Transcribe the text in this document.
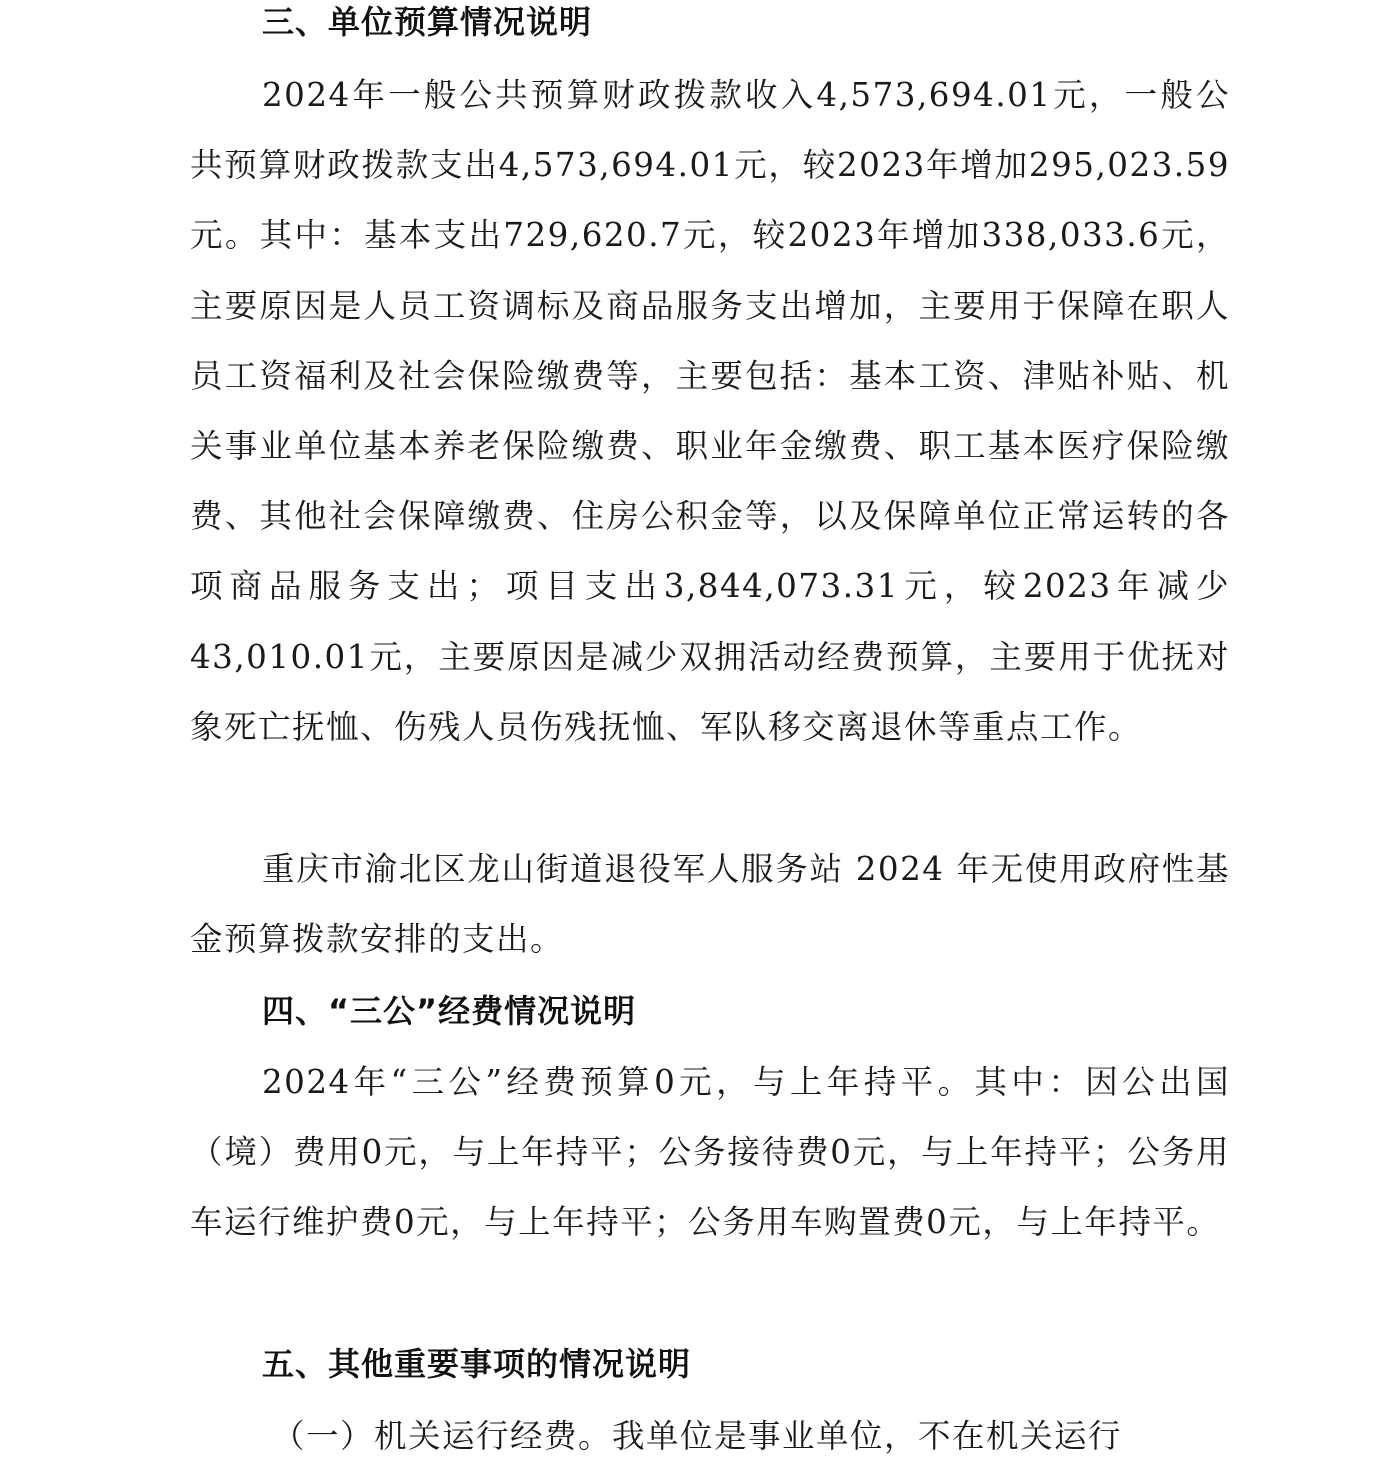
三、单位预算情况说明

2024年一般公共预算财政拨款收入4,573,694.01元，一般公共预算财政拨款支出4,573,694.01元，较2023年增加295,023.59元。其中：基本支出729,620.7元，较2023年增加338,033.6元，主要原因是人员工资调标及商品服务支出增加，主要用于保障在职人员工资福利及社会保险缴费等，主要包括：基本工资、津贴补贴、机关事业单位基本养老保险缴费、职业年金缴费、职工基本医疗保险缴费、其他社会保障缴费、住房公积金等，以及保障单位正常运转的各项商品服务支出；项目支出3,844,073.31元，较2023年减少43,010.01元，主要原因是减少双拥活动经费预算，主要用于优抚对象死亡抚恤、伤残人员伤残抚恤、军队移交离退休等重点工作。

重庆市渝北区龙山街道退役军人服务站 2024 年无使用政府性基金预算拨款安排的支出。

四、“三公”经费情况说明

2024年“三公”经费预算0元，与上年持平。其中：因公出国（境）费用0元，与上年持平；公务接待费0元，与上年持平；公务用车运行维护费0元，与上年持平；公务用车购置费0元，与上年持平。

五、其他重要事项的情况说明

（一）机关运行经费。我单位是事业单位，不在机关运行
